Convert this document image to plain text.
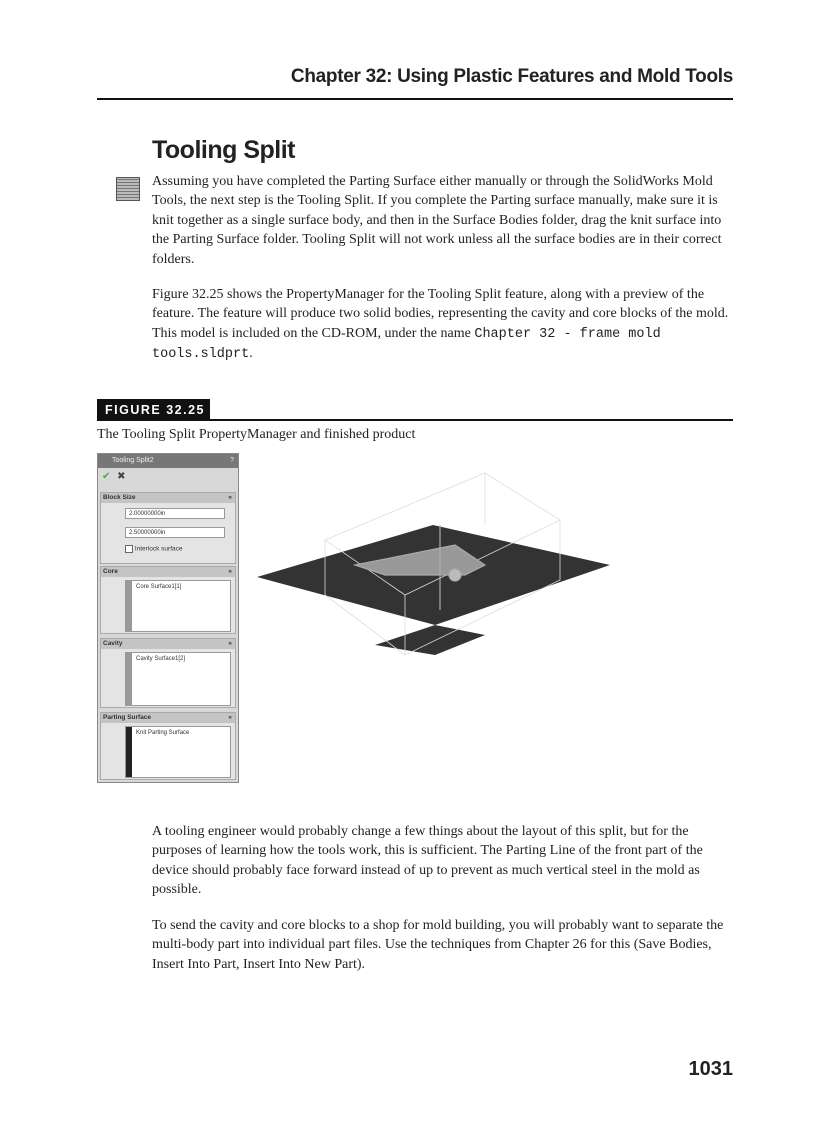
Chapter 32: Using Plastic Features and Mold Tools
Tooling Split
Assuming you have completed the Parting Surface either manually or through the SolidWorks Mold Tools, the next step is the Tooling Split. If you complete the Parting surface manually, make sure it is knit together as a single surface body, and then in the Surface Bodies folder, drag the knit surface into the Parting Surface folder. Tooling Split will not work unless all the surface bodies are in their correct folders.
Figure 32.25 shows the PropertyManager for the Tooling Split feature, along with a preview of the feature. The feature will produce two solid bodies, representing the cavity and core blocks of the mold. This model is included on the CD-ROM, under the name Chapter 32 - frame mold tools.sldprt.
FIGURE 32.25
The Tooling Split PropertyManager and finished product
Tooling Split2	?
✔ ✖
Block Size	«
2.00000000in
2.50000000in
Interlock surface
Core	«
Core Surface1[1]
Cavity	«
Cavity Surface1[2]
Parting Surface	«
Knit Parting Surface
A tooling engineer would probably change a few things about the layout of this split, but for the purposes of learning how the tools work, this is sufficient. The Parting Line of the front part of the device should probably face forward instead of up to prevent as much vertical steel in the mold as possible.
To send the cavity and core blocks to a shop for mold building, you will probably want to separate the multi-body part into individual part files. Use the techniques from Chapter 26 for this (Save Bodies, Insert Into Part, Insert Into New Part).
1031
